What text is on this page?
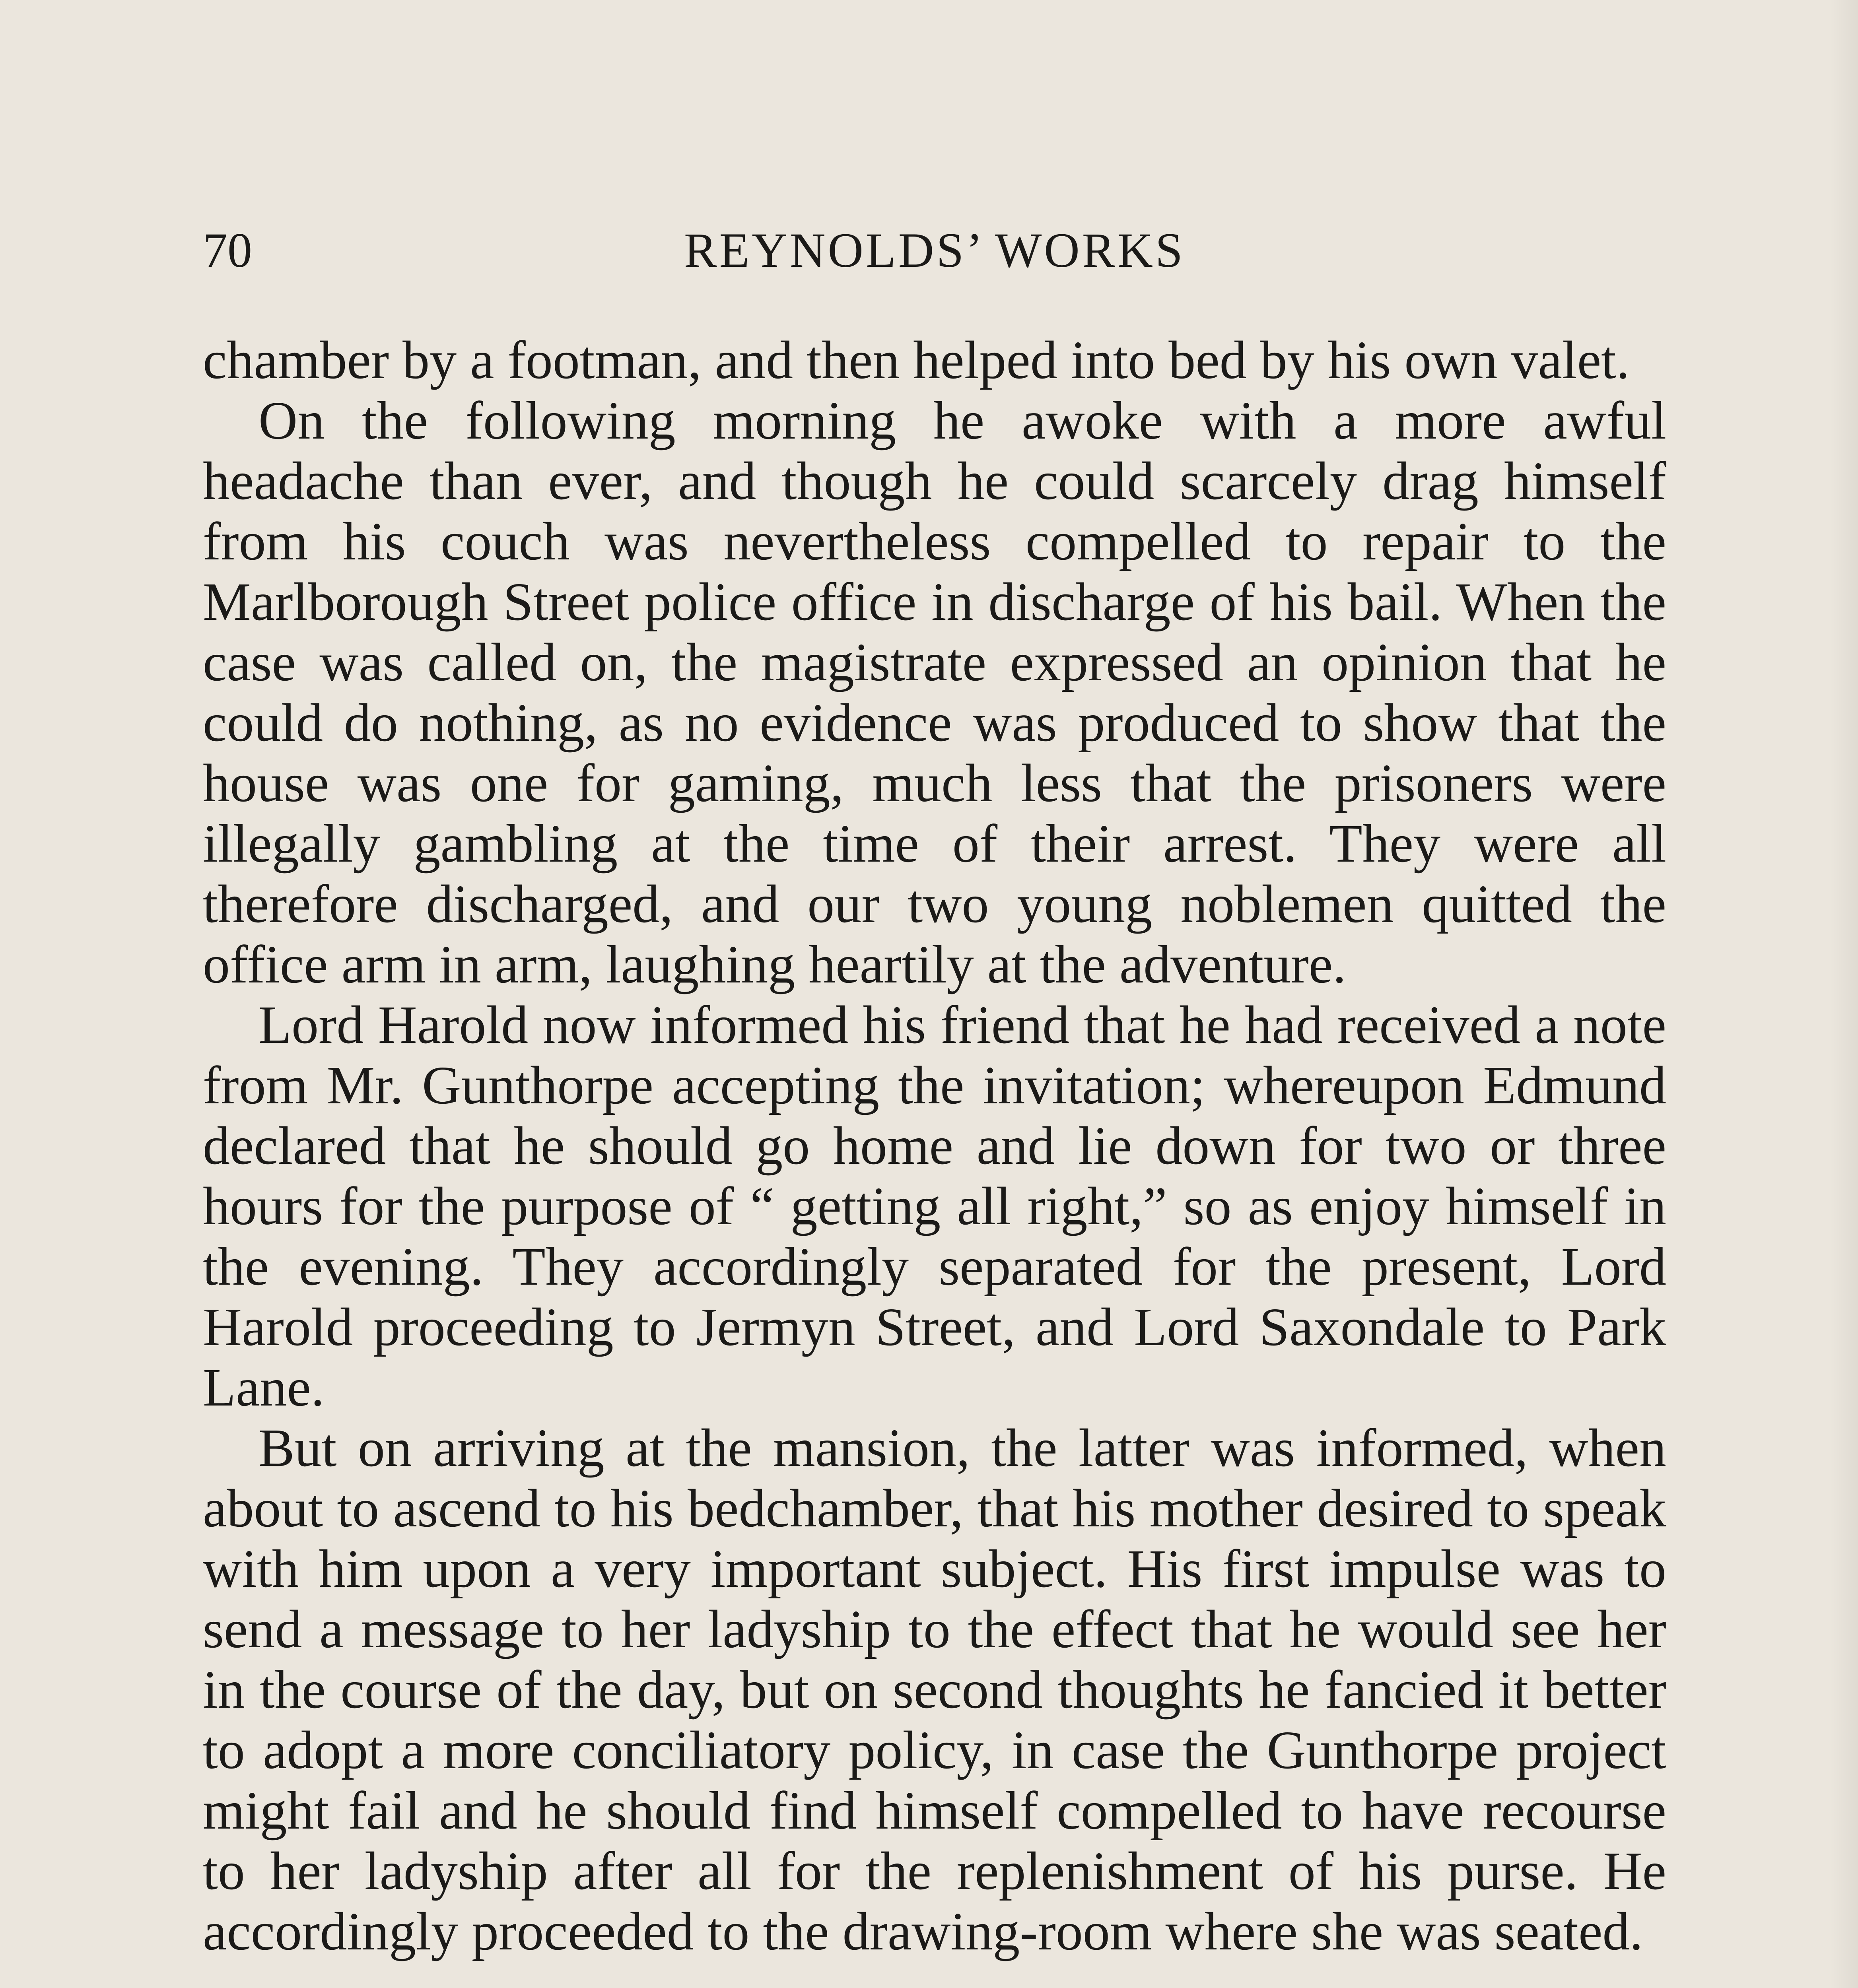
70	REYNOLDS’ WORKS

chamber by a footman, and then helped into bed by his own valet.

On the following morning he awoke with a more awful headache than ever, and though he could scarcely drag himself from his couch was nevertheless compelled to repair to the Marlborough Street police office in discharge of his bail. When the case was called on, the magistrate expressed an opinion that he could do nothing, as no evidence was produced to show that the house was one for gaming, much less that the prisoners were illegally gambling at the time of their arrest. They were all therefore discharged, and our two young noblemen quitted the office arm in arm, laughing heartily at the adventure.

Lord Harold now informed his friend that he had received a note from Mr. Gunthorpe accepting the invitation; whereupon Edmund declared that he should go home and lie down for two or three hours for the purpose of “ getting all right,” so as enjoy himself in the evening. They accordingly separated for the present, Lord Harold proceeding to Jermyn Street, and Lord Saxondale to Park Lane.

But on arriving at the mansion, the latter was informed, when about to ascend to his bedchamber, that his mother desired to speak with him upon a very important subject. His first impulse was to send a message to her ladyship to the effect that he would see her in the course of the day, but on second thoughts he fancied it better to adopt a more conciliatory policy, in case the Gunthorpe project might fail and he should find himself compelled to have recourse to her ladyship after all for the replenishment of his purse. He accordingly proceeded to the drawing-room where she was seated.
